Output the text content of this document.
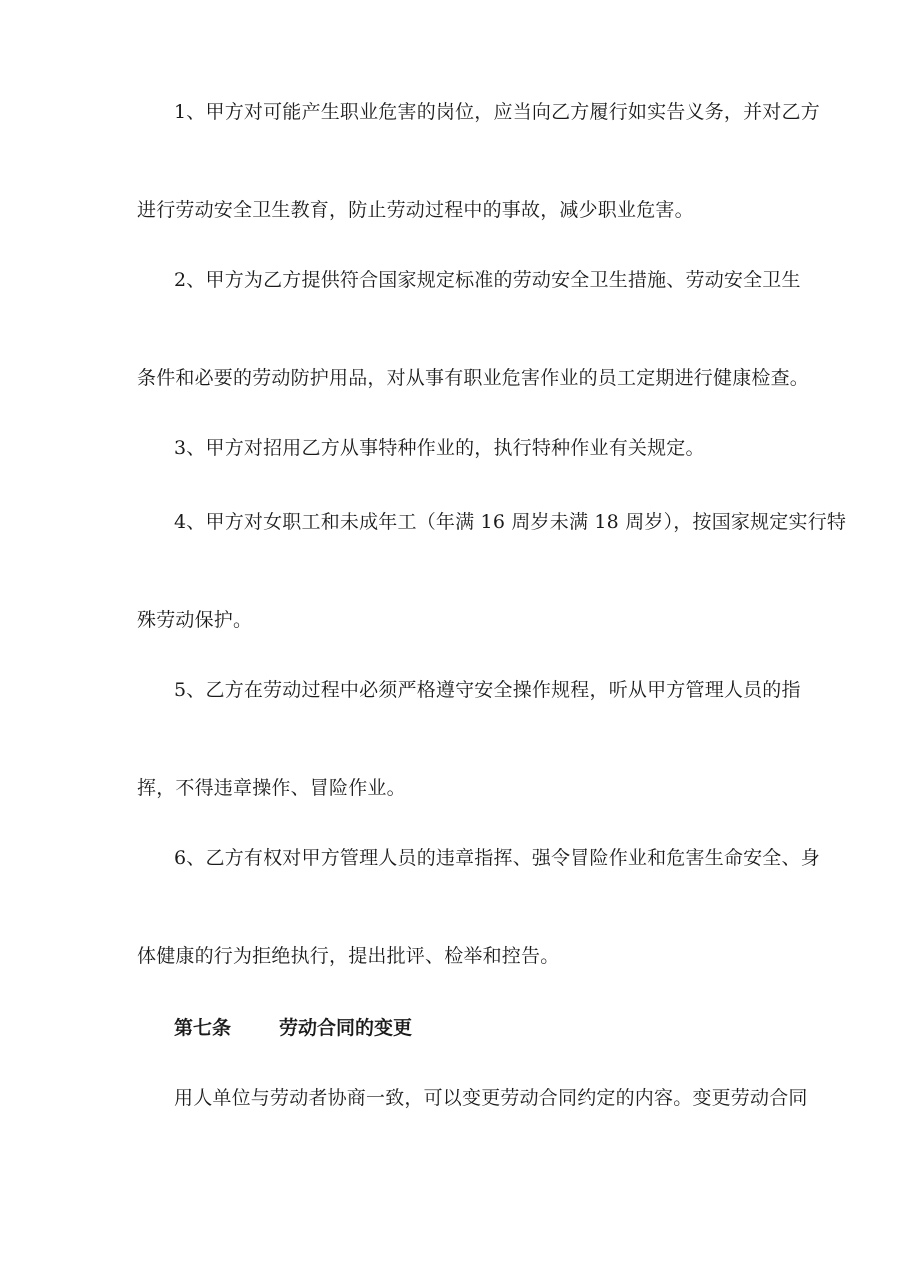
1、甲方对可能产生职业危害的岗位，应当向乙方履行如实告义务，并对乙方
进行劳动安全卫生教育，防止劳动过程中的事故，减少职业危害。
2、甲方为乙方提供符合国家规定标准的劳动安全卫生措施、劳动安全卫生
条件和必要的劳动防护用品，对从事有职业危害作业的员工定期进行健康检查。
3、甲方对招用乙方从事特种作业的，执行特种作业有关规定。
4、甲方对女职工和未成年工（年满 16 周岁未满 18 周岁），按国家规定实行特
殊劳动保护。
5、乙方在劳动过程中必须严格遵守安全操作规程，听从甲方管理人员的指
挥，不得违章操作、冒险作业。
6、乙方有权对甲方管理人员的违章指挥、强令冒险作业和危害生命安全、身
体健康的行为拒绝执行，提出批评、检举和控告。
第七条	劳动合同的变更
用人单位与劳动者协商一致，可以变更劳动合同约定的内容。变更劳动合同
